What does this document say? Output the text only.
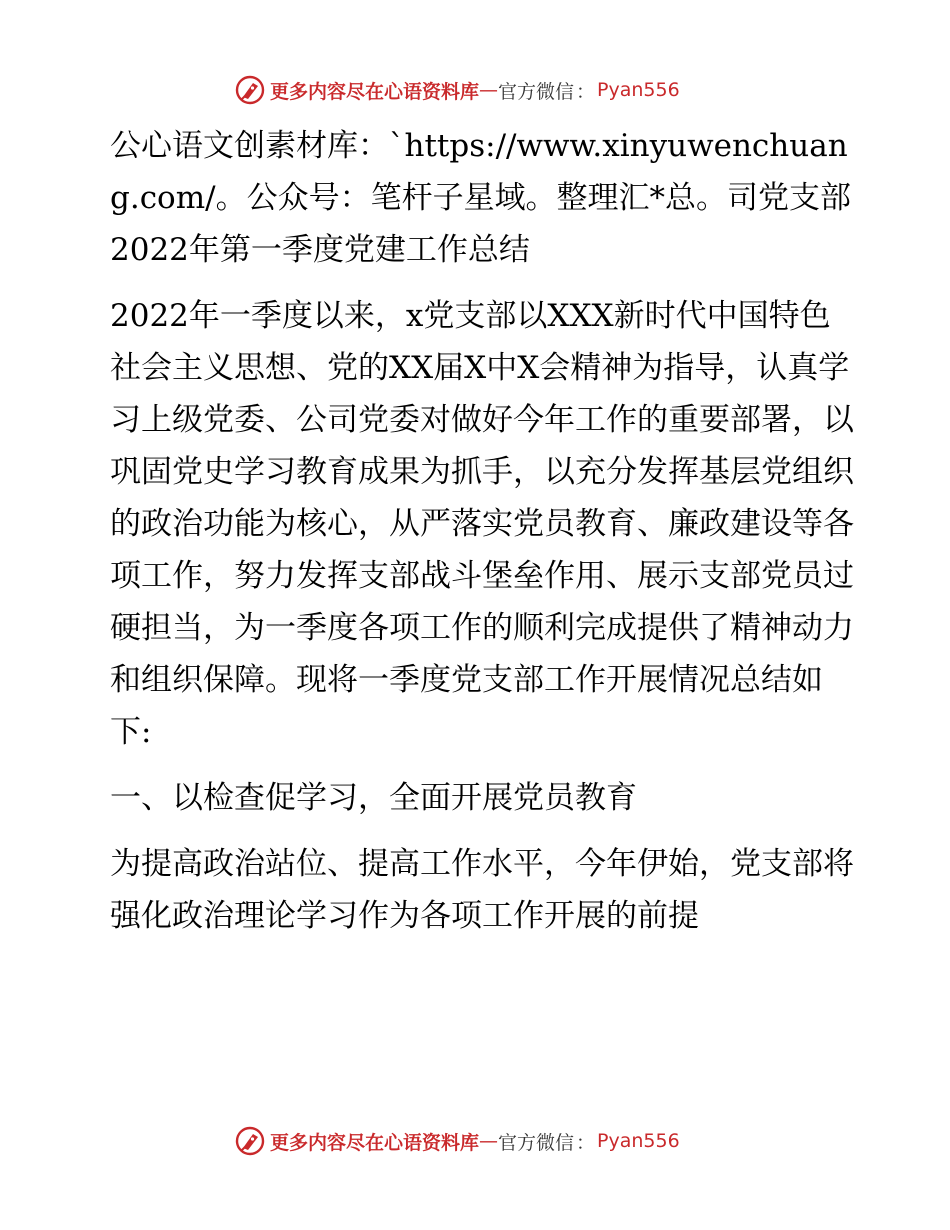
更多内容尽在心语资料库 — 官方微信 ： Pyan556

公心语文创素材库：`https://www.xinyuwenchuang.com/。公众号：笔杆子星域。整理汇*总。司党支部2022年第一季度党建工作总结

2022年一季度以来，x党支部以XXX新时代中国特色社会主义思想、党的XX届X中X会精神为指导，认真学习上级党委、公司党委对做好今年工作的重要部署，以巩固党史学习教育成果为抓手，以充分发挥基层党组织的政治功能为核心，从严落实党员教育、廉政建设等各项工作，努力发挥支部战斗堡垒作用、展示支部党员过硬担当，为一季度各项工作的顺利完成提供了精神动力和组织保障。现将一季度党支部工作开展情况总结如下:

一、以检查促学习，全面开展党员教育

为提高政治站位、提高工作水平，今年伊始，党支部将强化政治理论学习作为各项工作开展的前提

更多内容尽在心语资料库 — 官方微信 ： Pyan556
